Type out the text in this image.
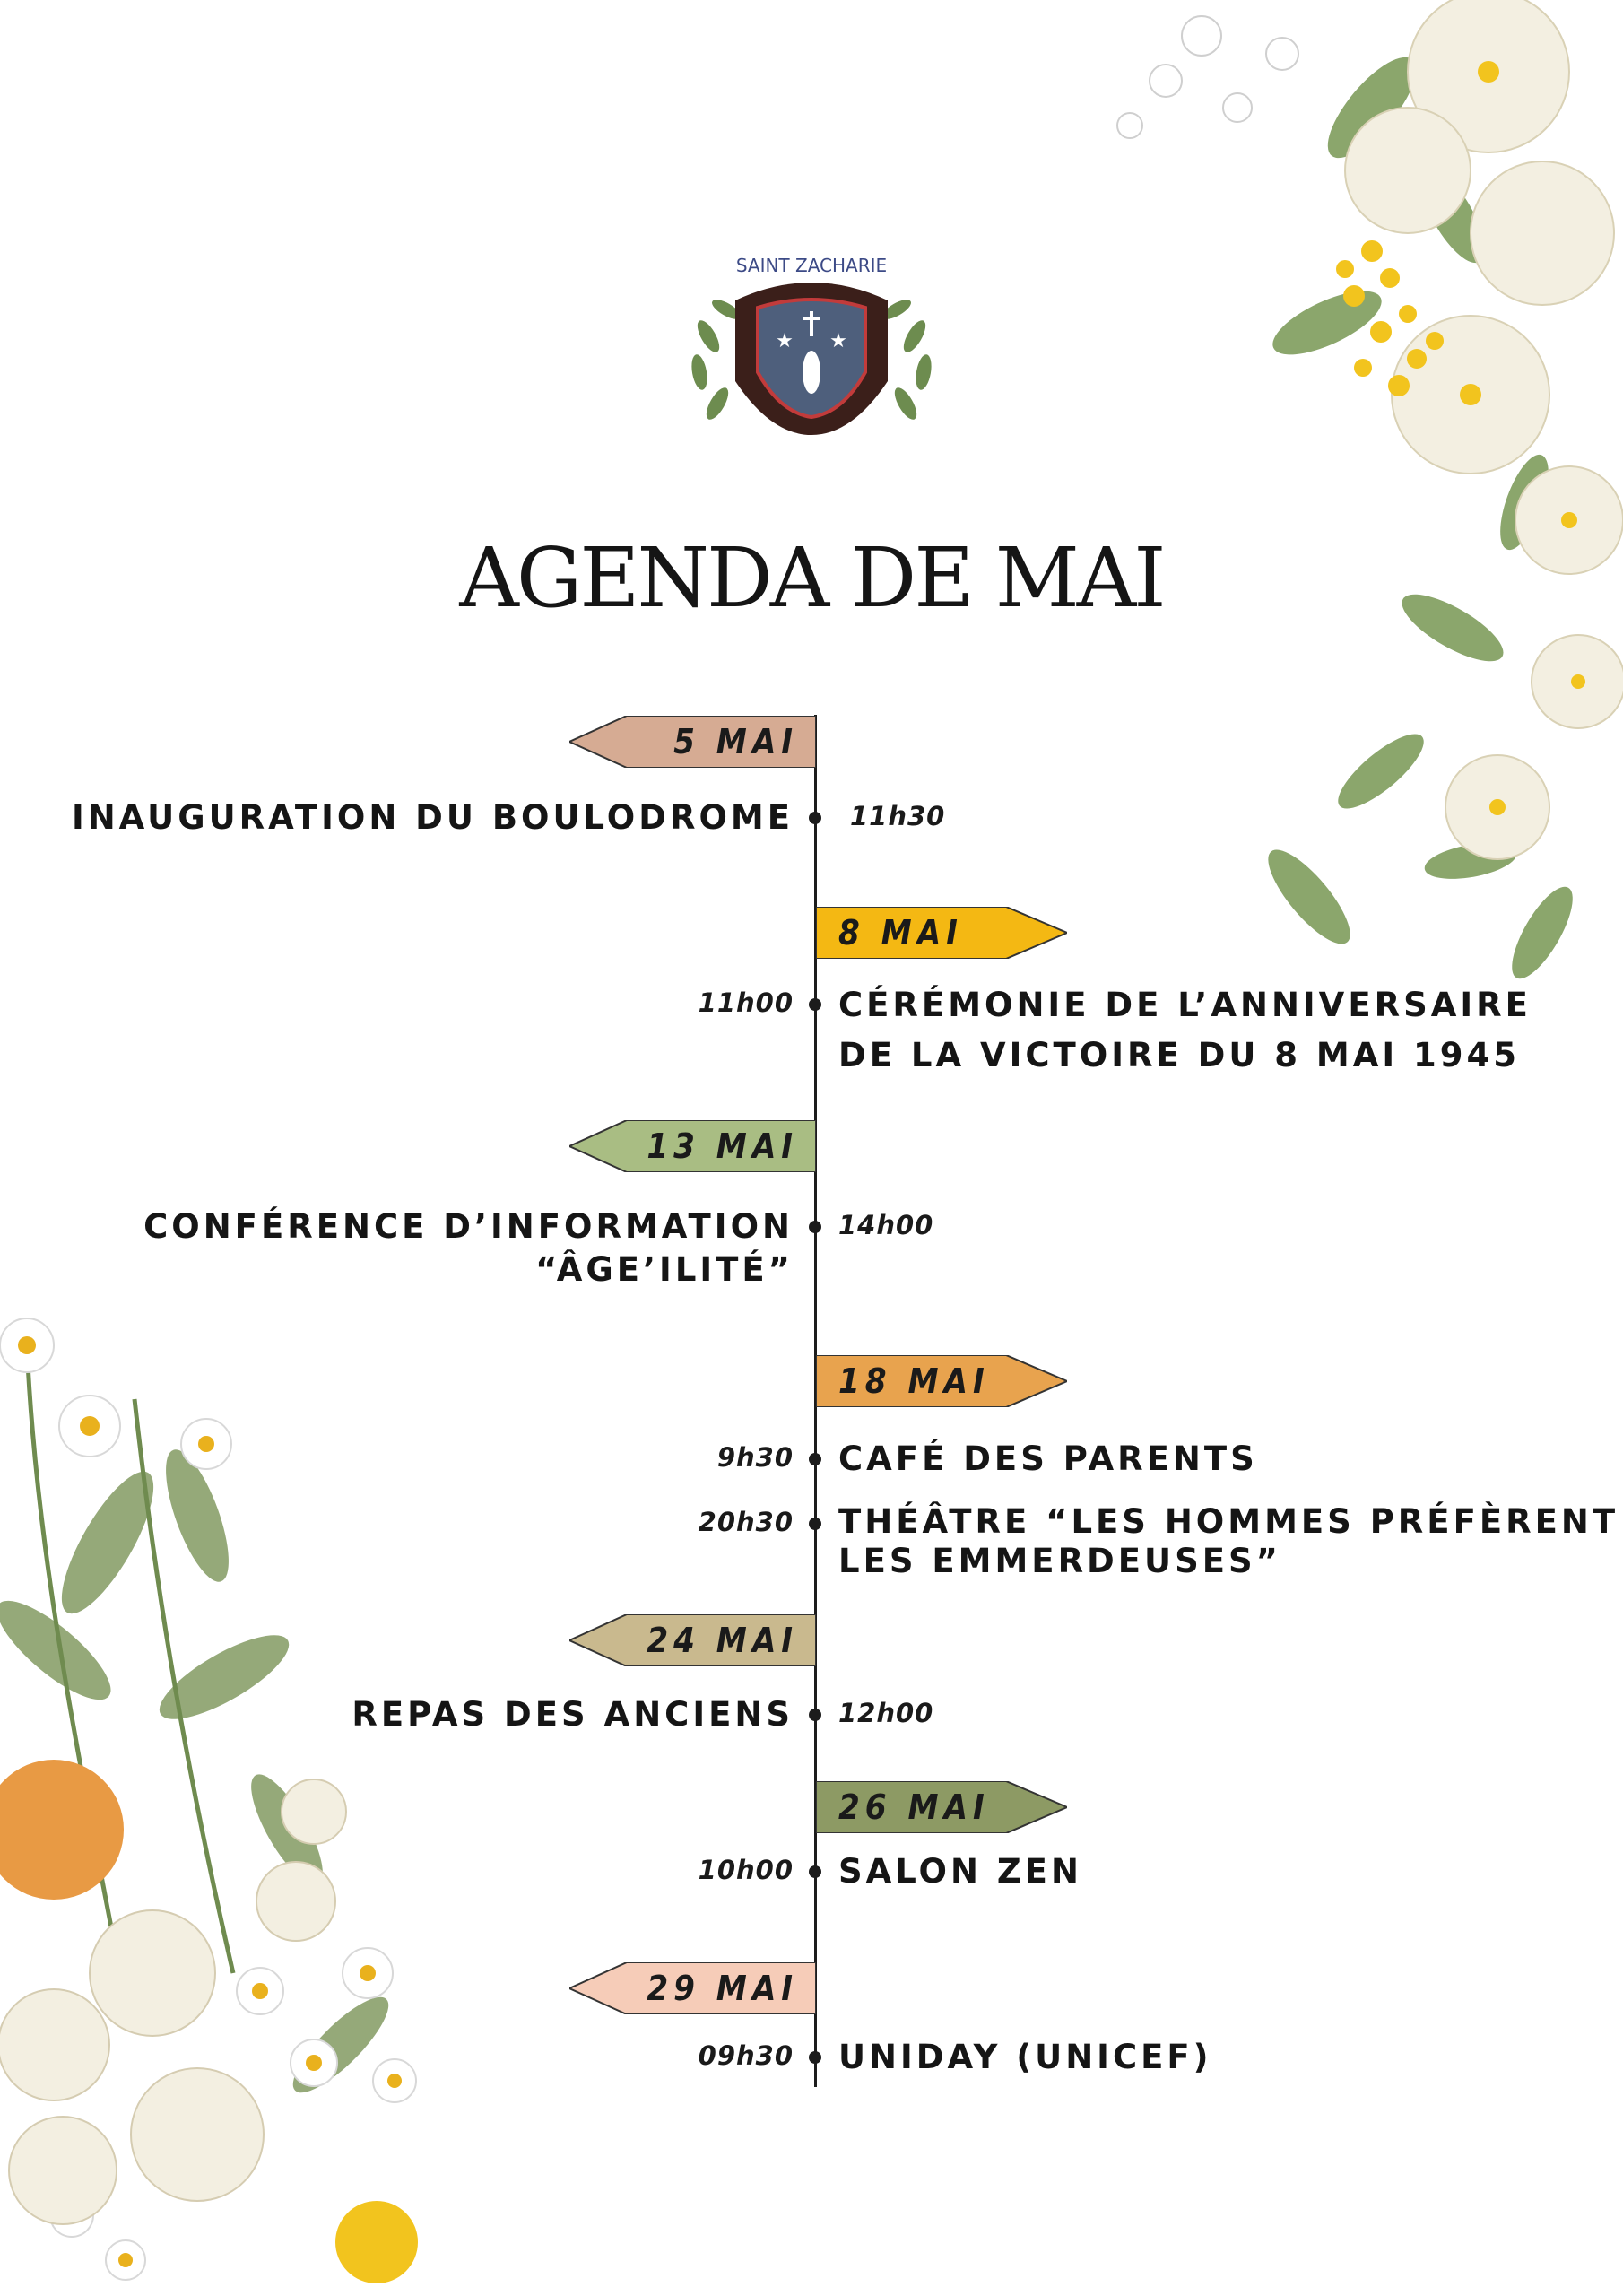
SAINT ZACHARIE
★ ★
AGENDA DE MAI
5 MAI
INAUGURATION DU BOULODROME 11h30
8 MAI
11h00 CÉRÉMONIE DE L’ANNIVERSAIRE
DE LA VICTOIRE DU 8 MAI 1945
13 MAI
CONFÉRENCE D’INFORMATION
“ÂGE’ILITÉ”
14h00
18 MAI
9h30 CAFÉ DES PARENTS
20h30 THÉÂTRE “LES HOMMES PRÉFÈRENT
LES EMMERDEUSES”
24 MAI
REPAS DES ANCIENS 12h00
26 MAI
10h00 SALON ZEN
29 MAI
09h30 UNIDAY (UNICEF)
